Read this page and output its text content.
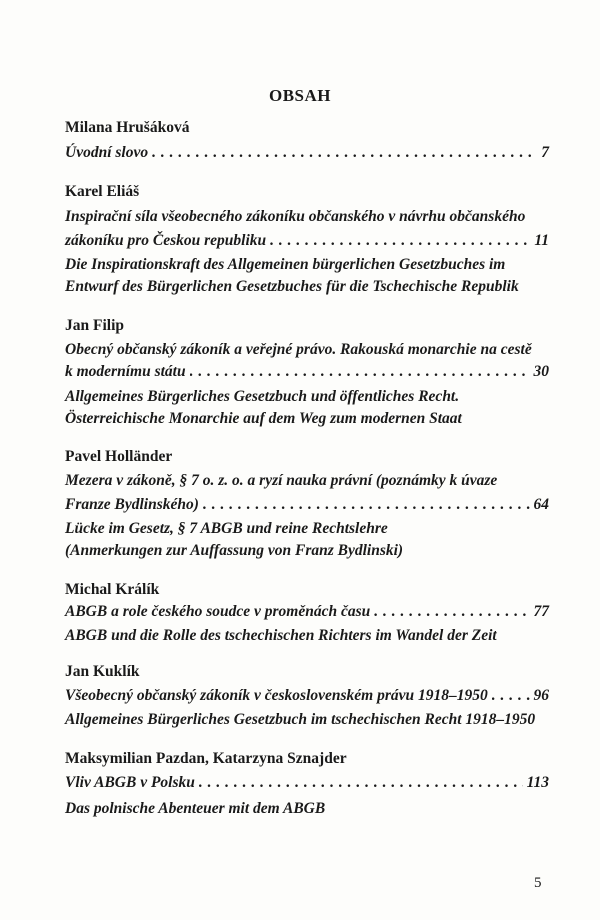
OBSAH
Milana Hrušáková
Úvodní slovo . . .	7
Karel Eliáš
Inspirační síla všeobecného zákoníku občanského v návrhu občanského
zákoníku pro Českou republiku . . .	11
Die Inspirationskraft des Allgemeinen bürgerlichen Gesetzbuches im
Entwurf des Bürgerlichen Gesetzbuches für die Tschechische Republik
Jan Filip
Obecný občanský zákoník a veřejné právo. Rakouská monarchie na cestě
k modernímu státu . . .	30
Allgemeines Bürgerliches Gesetzbuch und öffentliches Recht.
Österreichische Monarchie auf dem Weg zum modernen Staat
Pavel Holländer
Mezera v zákoně, § 7 o. z. o. a ryzí nauka právní (poznámky k úvaze
Franze Bydlinského) . . .	64
Lücke im Gesetz, § 7 ABGB und reine Rechtslehre
(Anmerkungen zur Auffassung von Franz Bydlinski)
Michal Králík
ABGB a role českého soudce v proměnách času . . .	77
ABGB und die Rolle des tschechischen Richters im Wandel der Zeit
Jan Kuklík
Všeobecný občanský zákoník v československém právu 1918–1950 . . .	96
Allgemeines Bürgerliches Gesetzbuch im tschechischen Recht 1918–1950
Maksymilian Pazdan, Katarzyna Sznajder
Vliv ABGB v Polsku . . .	113
Das polnische Abenteuer mit dem ABGB
5
